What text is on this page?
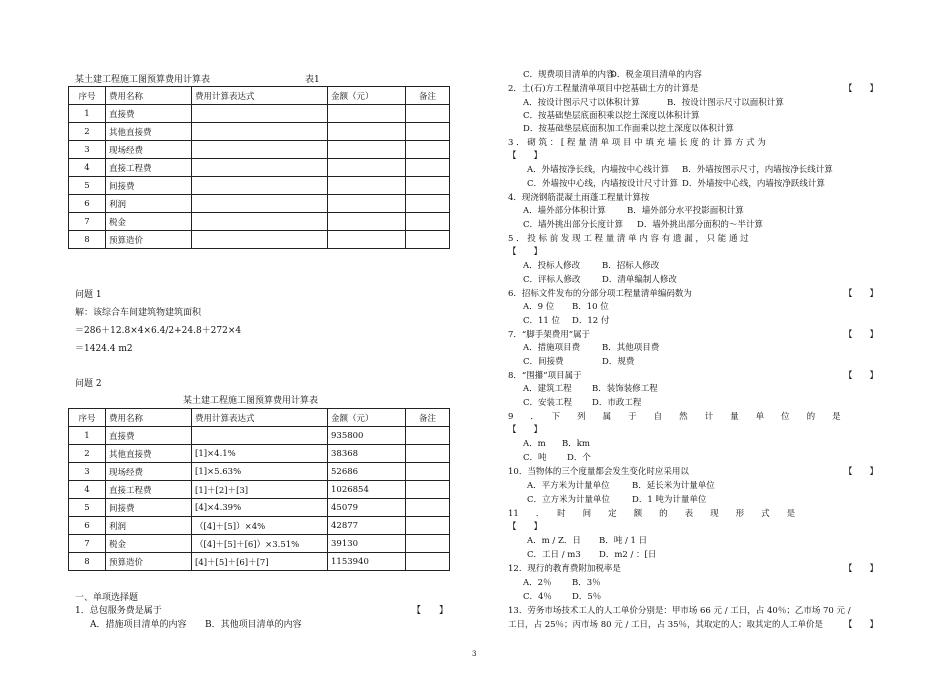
某土建工程施工图预算费用计算表	表1
序号	费用名称	费用计算表达式	金额（元）	备注
1	直接费			
2	其他直接费			
3	现场经费			
4	直接工程费			
5	间接费			
6	利润			
7	税金			
8	预算造价			
问题 1
解：该综合车间建筑物建筑面积
＝286＋12.8×4×6.4/2+24.8＋272×4
＝1424.4 m2
问题 2
某土建工程施工图预算费用计算表
序号	费用名称	费用计算表达式	金额（元）	备注
1	直接费		935800	
2	其他直接费	[1]×4.1%	38368	
3	现场经费	[1]×5.63%	52686	
4	直接工程费	[1]＋[2]＋[3]	1026854	
5	间接费	[4]×4.39%	45079	
6	利润	（[4]＋[5]）×4%	42877	
7	税金	（[4]＋[5]＋[6]）×3.51%	39130	
8	预算造价	[4]＋[5]＋[6]＋[7]	1153940	
一、单项选择题
1．总包服务费是属于	【　　】
A．措施项目清单的内容 B．其他项目清单的内容
C．规费项目清单的内容
D．税金项目清单的内容
2．土(石)方工程量清单项目中挖基础土方的计算是	【　　】
A．按设计图示尺寸以体积计算	B．按设计图示尺寸以面积计算
C．按基础垫层底面积乘以挖土深度以体积计算
D．按基础垫层底面积加工作面乘以挖土深度以体积计算
3 ． 砌 筑 ： [ 程 量 清 单 项 目 中 填 充 墙 长 度 的 计 算 方 式 为
【　　】
A．外墙按净长线，内墙按中心线计算 B．外墙按图示尺寸，内墙按净长线计算
C．外墙按中心线，内墙按设计尺寸计算 D．外墙按中心线，内墙按净跃线计算
4．现浇钢筋混凝土雨蓬工程量计算按
A．墙外部分体积计算	B．墙外部分水平投影面积计算
C．墙外挑出部分长度计算 D．墙外挑出部分面积的～半计算
5 ． 投 标 前 发 现 工 程 量 清 单 内 容 有 遗 漏 ， 只 能 通 过
【　　】
A．投标人修改	B．招标人修改
C．评标人修改	D．清单编制人修改
6．招标文件发布的分部分项工程量清单编码数为	【　　】
A．9 位 B．10 位
C．11 位 D．12 付
7．“脚手架费用”属于	【　　】
A．措施项目费	B．其他项目费
C．间接费	D．规费
8．“围攥”项目属于	【　　】
A．建筑工程 B．装饰装修工程
C．安装工程 D．市政工程
9　　．　　下　　列　　属　　于　　自　　然　　计　　量　　单　　位　　的　　是
【　　】
A．m B．km
C．吨 D．个
10．当物体的三个度量都会发生变化时应采用以	【　　】
A．平方米为计量单位	B．延长米为计量单位
C．立方米为计量单位	D．1 吨为计量单位
11　　．　　时　　间　　定　　额　　的　　表　　现　　形　　式　　是
【　　】
A．m / Z．日 B．吨 / 1 日
C．工日 / m3 D．m2 / ：[日
12．现行的教育费附加税率是	【　　】
A．2％ B．3％
C．4％ D．5％
13．劳务市场技术工人的人工单价分别是：甲市场 66 元 / 工日，占 40％；乙市场 70 元 /
工日，占 25％；丙市场 80 元 / 工日，占 35％，其取定的人；取其定的人工单价是 【　　】
3
